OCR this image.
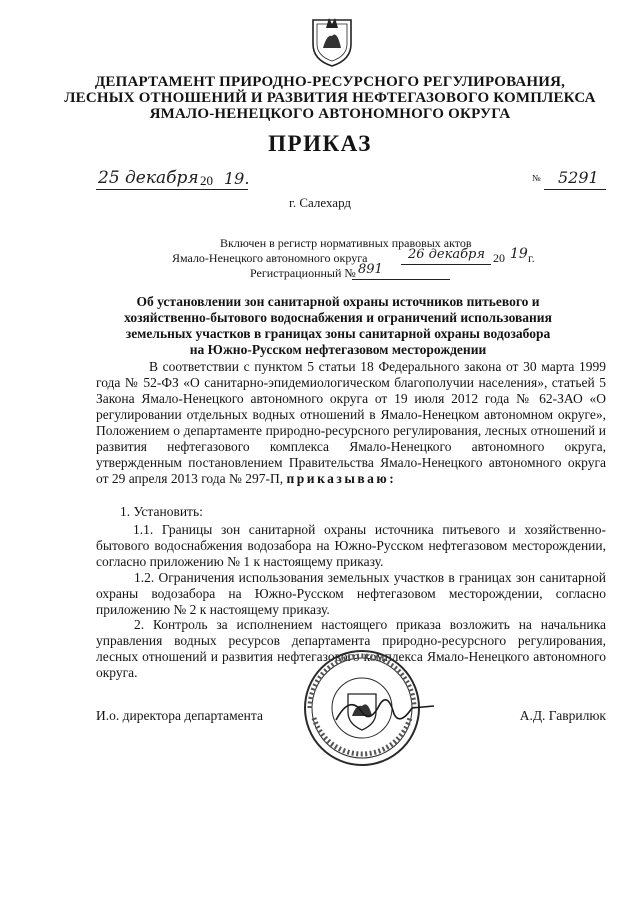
ДЕПАРТАМЕНТ ПРИРОДНО-РЕСУРСНОГО РЕГУЛИРОВАНИЯ,
ЛЕСНЫХ ОТНОШЕНИЙ И РАЗВИТИЯ НЕФТЕГАЗОВОГО КОМПЛЕКСА
ЯМАЛО-НЕНЕЦКОГО АВТОНОМНОГО ОКРУГА
ПРИКАЗ
25 декабря 20 19.	№ 5291
г. Салехард
Включен в регистр нормативных правовых актов
Ямало-Ненецкого автономного округа	26 декабря 20 19 г.
Регистрационный № 891
Об установлении зон санитарной охраны источников питьевого и
хозяйственно-бытового водоснабжения и ограничений использования
земельных участков в границах зоны санитарной охраны водозабора
на Южно-Русском нефтегазовом месторождении
В соответствии с пунктом 5 статьи 18 Федерального закона от 30 марта 1999 года № 52-ФЗ «О санитарно-эпидемиологическом благополучии населения», статьей 5 Закона Ямало-Ненецкого автономного округа от 19 июля 2012 года № 62-ЗАО «О регулировании отдельных водных отношений в Ямало-Ненецком автономном округе», Положением о департаменте природно-ресурсного регулирования, лесных отношений и развития нефтегазового комплекса Ямало-Ненецкого автономного округа, утвержденным постановлением Правительства Ямало-Ненецкого автономного округа от 29 апреля 2013 года № 297-П, приказываю:
1. Установить:
1.1. Границы зон санитарной охраны источника питьевого и хозяйственно-бытового водоснабжения водозабора на Южно-Русском нефтегазовом месторождении, согласно приложению № 1 к настоящему приказу.
1.2. Ограничения использования земельных участков в границах зон санитарной охраны водозабора на Южно-Русском нефтегазовом месторождении, согласно приложению № 2 к настоящему приказу.
2. Контроль за исполнением настоящего приказа возложить на начальника управления водных ресурсов департамента природно-ресурсного регулирования, лесных отношений и развития нефтегазового комплекса Ямало-Ненецкого автономного округа.
И.о. директора департамента	А.Д. Гаврилюк
